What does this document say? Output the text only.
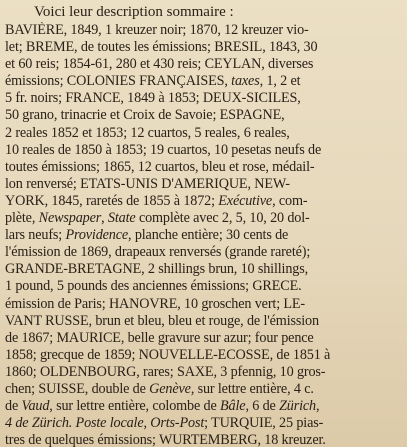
Voici leur description sommaire :

BAVIÈRE, 1849, 1 kreuzer noir; 1870, 12 kreuzer vio-
let; BREME, de toutes les émissions; BRESIL, 1843, 30
et 60 reis; 1854-61, 280 et 430 reis; CEYLAN, diverses
émissions; COLONIES FRANÇAISES, taxes, 1, 2 et
5 fr. noirs; FRANCE, 1849 à 1853; DEUX-SICILES,
50 grano, trinacrie et Croix de Savoie; ESPAGNE,
2 reales 1852 et 1853; 12 cuartos, 5 reales, 6 reales,
10 reales de 1850 à 1853; 19 cuartos, 10 pesetas neufs de
toutes émissions; 1865, 12 cuartos, bleu et rose, médail-
lon renversé; ETATS-UNIS D'AMERIQUE, NEW-
YORK, 1845, raretés de 1855 à 1872; Exécutive, com-
plète, Newspaper, State complète avec 2, 5, 10, 20 dol-
lars neufs; Providence, planche entière; 30 cents de
l'émission de 1869, drapeaux renversés (grande rareté);
GRANDE-BRETAGNE, 2 shillings brun, 10 shillings,
1 pound, 5 pounds des anciennes émissions; GRECE.
émission de Paris; HANOVRE, 10 groschen vert; LE-
VANT RUSSE, brun et bleu, bleu et rouge, de l'émission
de 1867; MAURICE, belle gravure sur azur; four pence
1858; grecque de 1859; NOUVELLE-ECOSSE, de 1851 à
1860; OLDENBOURG, rares; SAXE, 3 pfennig, 10 gros-
chen; SUISSE, double de Genève, sur lettre entière, 4 c.
de Vaud, sur lettre entière, colombe de Bâle, 6 de Zürich,
4 de Zürich. Poste locale, Orts-Post; TURQUIE, 25 pias-
tres de quelques émissions; WURTEMBERG, 18 kreuzer.
